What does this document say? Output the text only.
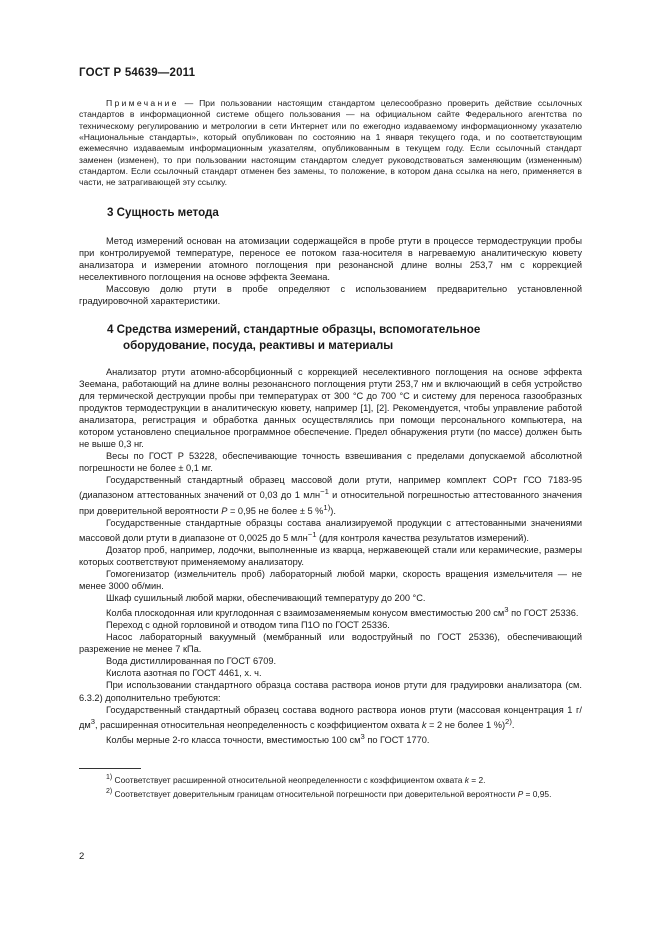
ГОСТ Р 54639—2011

Примечание — При пользовании настоящим стандартом целесообразно проверить действие ссылочных стандартов в информационной системе общего пользования — на официальном сайте Федерального агентства по техническому регулированию и метрологии в сети Интернет или по ежегодно издаваемому информационному указателю «Национальные стандарты», который опубликован по состоянию на 1 января текущего года, и по соответствующим ежемесячно издаваемым информационным указателям, опубликованным в текущем году. Если ссылочный стандарт заменен (изменен), то при пользовании настоящим стандартом следует руководствоваться заменяющим (измененным) стандартом. Если ссылочный стандарт отменен без замены, то положение, в котором дана ссылка на него, применяется в части, не затрагивающей эту ссылку.

3 Сущность метода

Метод измерений основан на атомизации содержащейся в пробе ртути в процессе термодеструкции пробы при контролируемой температуре, переносе ее потоком газа-носителя в нагреваемую аналитическую кювету анализатора и измерении атомного поглощения при резонансной длине волны 253,7 нм с коррекцией неселективного поглощения на основе эффекта Зеемана.

Массовую долю ртути в пробе определяют с использованием предварительно установленной градуировочной характеристики.

4 Средства измерений, стандартные образцы, вспомогательное
оборудование, посуда, реактивы и материалы

Анализатор ртути атомно-абсорбционный с коррекцией неселективного поглощения на основе эффекта Зеемана, работающий на длине волны резонансного поглощения ртути 253,7 нм и включающий в себя устройство для термической деструкции пробы при температурах от 300 °С до 700 °С и систему для переноса газообразных продуктов термодеструкции в аналитическую кювету, например [1], [2]. Рекомендуется, чтобы управление работой анализатора, регистрация и обработка данных осуществлялись при помощи персонального компьютера, на котором установлено специальное программное обеспечение. Предел обнаружения ртути (по массе) должен быть не выше 0,3 нг.

Весы по ГОСТ Р 53228, обеспечивающие точность взвешивания с пределами допускаемой абсолютной погрешности не более ± 0,1 мг.

Государственный стандартный образец массовой доли ртути, например комплект СОРт ГСО 7183-95 (диапазоном аттестованных значений от 0,03 до 1 млн$^{-1}$ и относительной погрешностью аттестованного значения при доверительной вероятности Р = 0,95 не более ± 5 %$^{1)}$).

Государственные стандартные образцы состава анализируемой продукции с аттестованными значениями массовой доли ртути в диапазоне от 0,0025 до 5 млн$^{-1}$ (для контроля качества результатов измерений).

Дозатор проб, например, лодочки, выполненные из кварца, нержавеющей стали или керамические, размеры которых соответствуют применяемому анализатору.

Гомогенизатор (измельчитель проб) лабораторный любой марки, скорость вращения измельчителя — не менее 3000 об/мин.

Шкаф сушильный любой марки, обеспечивающий температуру до 200 °С.

Колба плоскодонная или круглодонная с взаимозаменяемым конусом вместимостью 200 $см^3$ по ГОСТ 25336.

Переход с одной горловиной и отводом типа П1О по ГОСТ 25336.

Насос лабораторный вакуумный (мембранный или водоструйный по ГОСТ 25336), обеспечивающий разрежение не менее 7 кПа.

Вода дистиллированная по ГОСТ 6709.

Кислота азотная по ГОСТ 4461, х. ч.

При использовании стандартного образца состава раствора ионов ртути для градуировки анализатора (см. 6.3.2) дополнительно требуются:

Государственный стандартный образец состава водного раствора ионов ртути (массовая концентрация 1 $г/дм^3$, расширенная относительная неопределенность с коэффициентом охвата k = 2 не более 1 %)$^{2)}$.

Колбы мерные 2-го класса точности, вместимостью 100 $см^3$ по ГОСТ 1770.

$^{1)}$ Соответствует расширенной относительной неопределенности с коэффициентом охвата k = 2.

$^{2)}$ Соответствует доверительным границам относительной погрешности при доверительной вероятности Р = 0,95.

2
